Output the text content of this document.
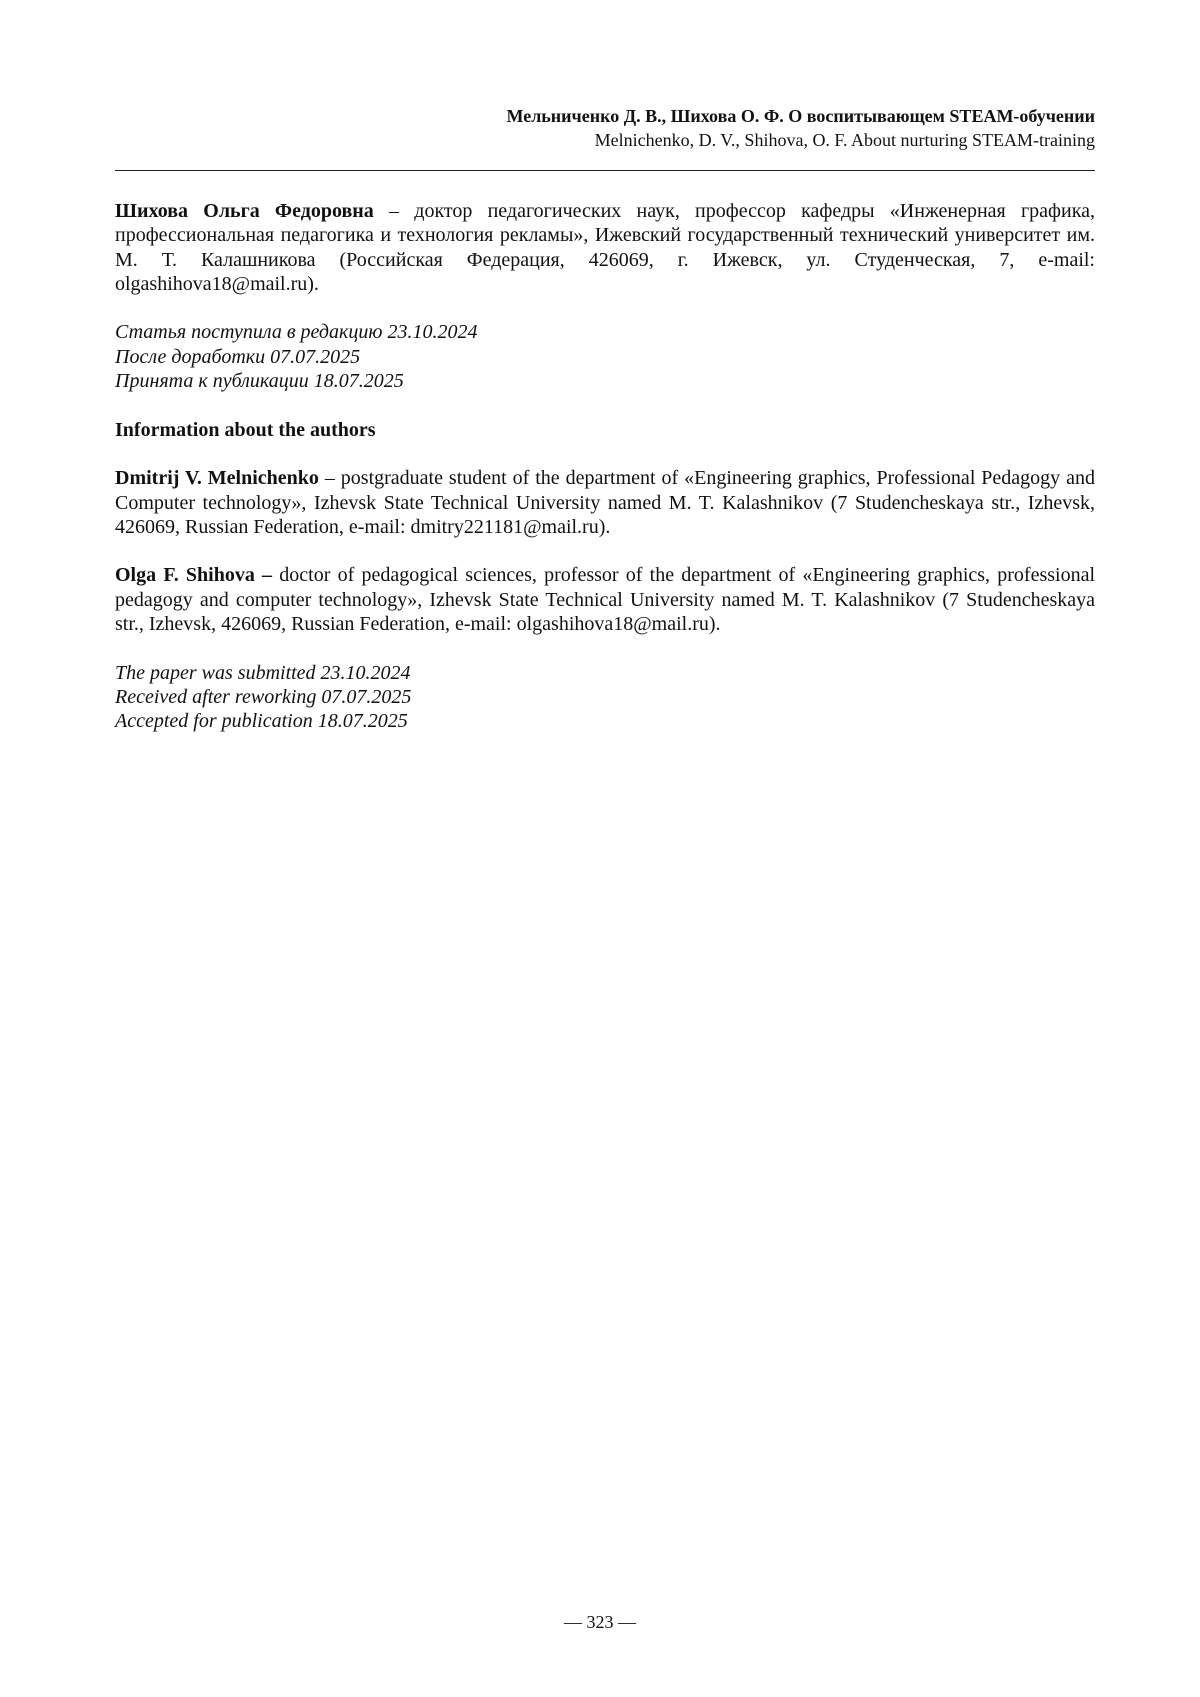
Мельниченко Д. В., Шихова О. Ф. О воспитывающем STEAM-обучении

Melnichenko, D. V., Shihova, O. F. About nurturing STEAM-training

Шихова Ольга Федоровна – доктор педагогических наук, профессор кафедры «Инженерная графика, профессиональная педагогика и технология рекламы», Ижевский государственный технический университет им. М. Т. Калашникова (Российская Федерация, 426069, г. Ижевск, ул. Студенческая, 7, e-mail: olgashihova18@mail.ru).

Статья поступила в редакцию 23.10.2024

После доработки 07.07.2025

Принята к публикации 18.07.2025

Information about the authors

Dmitrij V. Melnichenko – postgraduate student of the department of «Engineering graphics, Professional Pedagogy and Computer technology», Izhevsk State Technical University named M. T. Kalashnikov (7 Studencheskaya str., Izhevsk, 426069, Russian Federation, e-mail: dmitry221181@mail.ru).

Olga F. Shihova – doctor of pedagogical sciences, professor of the department of «Engineering graphics, professional pedagogy and computer technology», Izhevsk State Technical University named M. T. Kalashnikov (7 Studencheskaya str., Izhevsk, 426069, Russian Federation, e-mail: olgashihova18@mail.ru).

The paper was submitted 23.10.2024

Received after reworking 07.07.2025

Accepted for publication 18.07.2025

— 323 —
